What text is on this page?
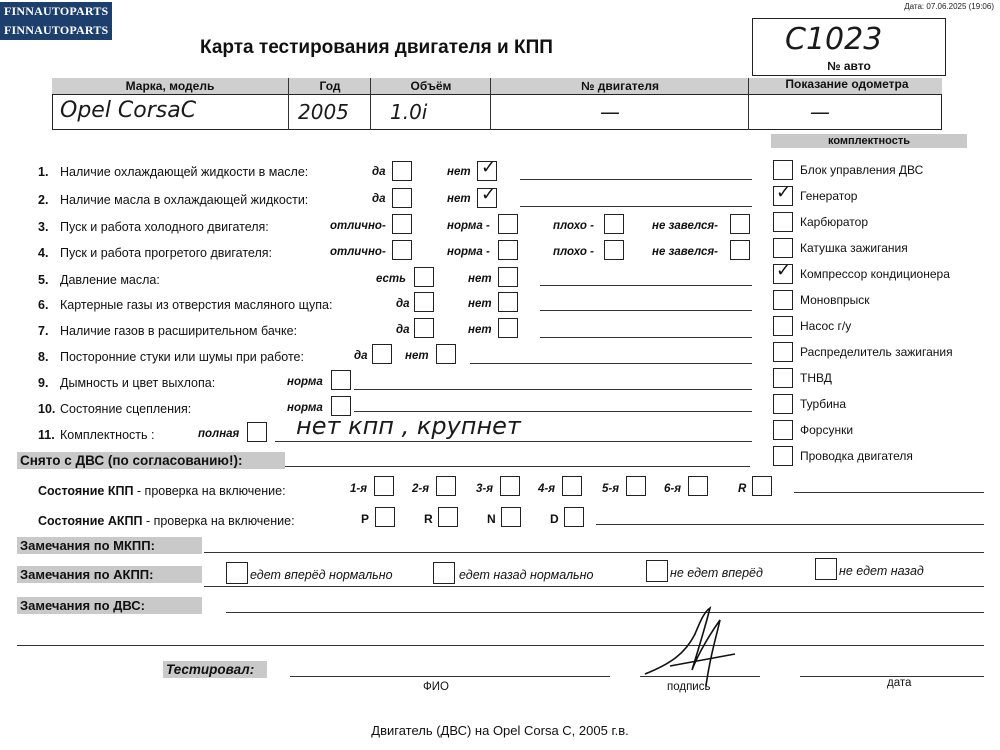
FINNAUTOPARTS
FINNAUTOPARTS
Дата: 07.06.2025 (19:06)
Карта тестирования двигателя и КПП	C1023
№ авто
Марка, модель	Год	Объём	№ двигателя	Показание одометра
Opel CorsaC	2005 1.0i	—	—
1. Наличие охлаждающей жидкости в масле:	да	нет ✓
2. Наличие масла в охлаждающей жидкости:	да	нет ✓
3. Пуск и работа холодного двигателя:	отлично-	норма -	плохо -	не завелся-
4. Пуск и работа прогретого двигателя:	отлично-	норма -	плохо -	не завелся-
5. Давление масла:	есть	нет
6. Картерные газы из отверстия масляного щупа:	да	нет
7. Наличие газов в расширительном бачке:	да	нет
8. Посторонние стуки или шумы при работе:	да	нет
9. Дымность и цвет выхлопа:	норма
10. Состояние сцепления:	норма
11. Комплектность :	полная нет кпп , крупнет
комплектность
Блок управления ДВС
✓ Генератор
Карбюратор
Катушка зажигания
✓ Компрессор кондиционера
Моновпрыск
Насос г/у
Распределитель зажигания
ТНВД
Турбина
Форсунки
Проводка двигателя
Снято с ДВС (по согласованию!):
Состояние КПП - проверка на включение:	1-я	2-я	3-я	4-я	5-я	6-я	R
Состояние АКПП - проверка на включение:	P	R	N	D
Замечания по МКПП:
Замечания по АКПП:	едет вперёд нормально	едет назад нормально	не едет вперёд	не едет назад
Замечания по ДВС:
Тестировал:
ФИО	подпись	дата
Двигатель (ДВС) на Opel Corsa C, 2005 г.в.
